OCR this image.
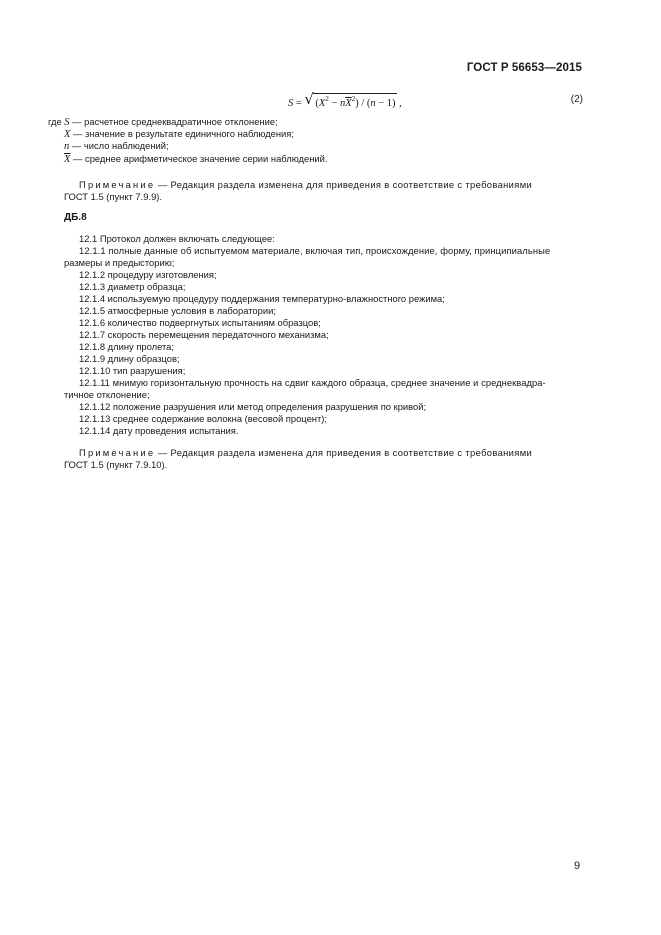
ГОСТ Р 56653—2015
S = √ $(X^2 - n\overline{X}^2) / (n - 1)$ ,	(2)
где S — расчетное среднеквадратичное отклонение;
X — значение в результате единичного наблюдения;
n — число наблюдений;
$\overline{X}$ — среднее арифметическое значение серии наблюдений.
Примечание — Редакция раздела изменена для приведения в соответствие с требованиями
ГОСТ 1.5 (пункт 7.9.9).
ДБ.8
12.1 Протокол должен включать следующее:
12.1.1 полные данные об испытуемом материале, включая тип, происхождение, форму, принципиальные
размеры и предысторию;
12.1.2 процедуру изготовления;
12.1.3 диаметр образца;
12.1.4 используемую процедуру поддержания температурно-влажностного режима;
12.1.5 атмосферные условия в лаборатории;
12.1.6 количество подвергнутых испытаниям образцов;
12.1.7 скорость перемещения передаточного механизма;
12.1.8 длину пролета;
12.1.9 длину образцов;
12.1.10 тип разрушения;
12.1.11 мнимую горизонтальную прочность на сдвиг каждого образца, среднее значение и среднеквадра-
тичное отклонение;
12.1.12 положение разрушения или метод определения разрушения по кривой;
12.1.13 среднее содержание волокна (весовой процент);
12.1.14 дату проведения испытания.
Примечание — Редакция раздела изменена для приведения в соответствие с требованиями
ГОСТ 1.5 (пункт 7.9.10).
9
